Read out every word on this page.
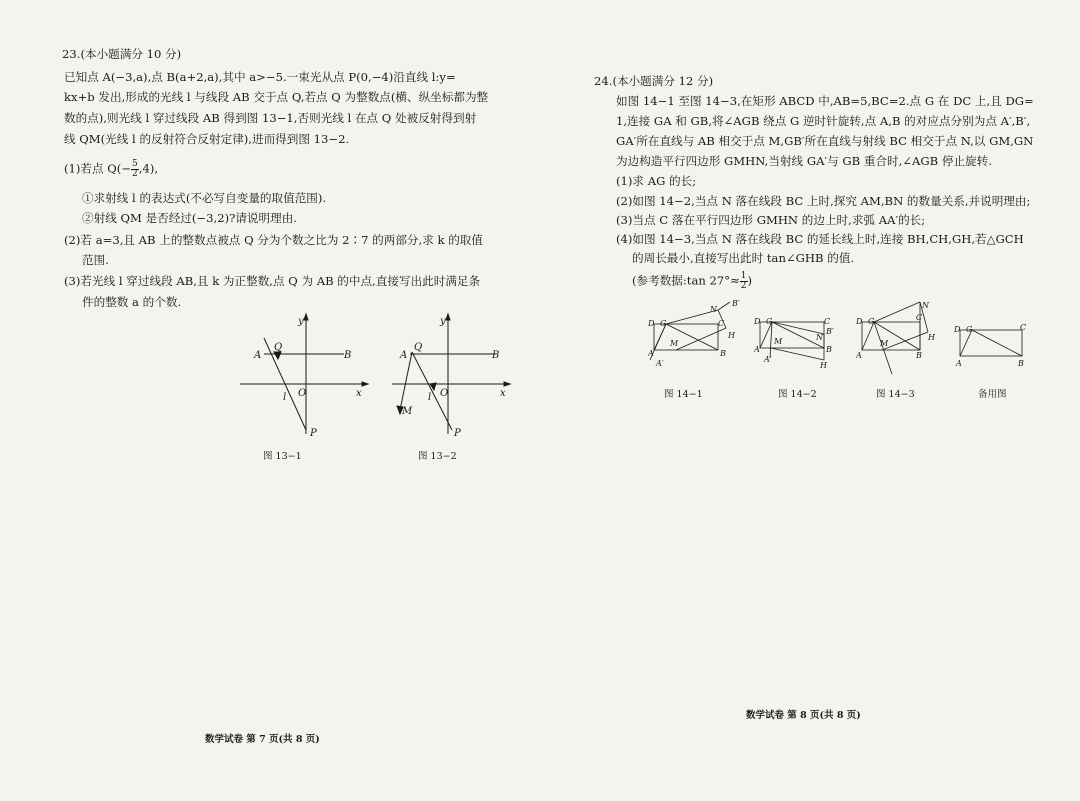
23.(本小题满分 10 分)
已知点 A(−3,a),点 B(a+2,a),其中 a>−5.一束光从点 P(0,−4)沿直线 l:y=
kx+b 发出,形成的光线 l 与线段 AB 交于点 Q,若点 Q 为整数点(横、纵坐标都为整
数的点),则光线 l 穿过线段 AB 得到图 13−1,否则光线 l 在点 Q 处被反射得到射
线 QM(光线 l 的反射符合反射定律),进而得到图 13−2.
(1)若点 $Q(- \frac{5}{2} ,4)$,
①求射线 l 的表达式(不必写自变量的取值范围).
②射线 QM 是否经过(−3,2)?请说明理由.
(2)若 a=3,且 AB 上的整数点被点 Q 分为个数之比为 2∶7 的两部分,求 k 的取值
范围.
(3)若光线 l 穿过线段 AB,且 k 为正整数,点 Q 为 AB 的中点,直接写出此时满足条
件的整数 a 的个数.
y
x
A
Q
B
O
l
P
图 13−1
y
x
A
Q
B
O
l
P
M
图 13−2
数学试卷 第 7 页(共 8 页)
24.(本小题满分 12 分)
如图 14−1 至图 14−3,在矩形 ABCD 中,AB=5,BC=2.点 G 在 DC 上,且 DG=
1,连接 GA 和 GB,将∠AGB 绕点 G 逆时针旋转,点 A,B 的对应点分别为点 A′,B′,
GA′所在直线与 AB 相交于点 M,GB′所在直线与射线 BC 相交于点 N,以 GM,GN
为边构造平行四边形 GMHN,当射线 GA′与 GB 重合时,∠AGB 停止旋转.
(1)求 AG 的长;
(2)如图 14−2,当点 N 落在线段 BC 上时,探究 AM,BN 的数量关系,并说明理由;
(3)当点 C 落在平行四边形 GMHN 的边上时,求弧 AA′的长;
(4)如图 14−3,当点 N 落在线段 BC 的延长线上时,连接 BH,CH,GH,若△GCH
的周长最小,直接写出此时 tan∠GHB 的值.
(参考数据:tan $27^\circ\approx \frac{1}{2}$ )
D G	C
N
B′
H
M
B
A
A′
图 14−1
D G	C
B′
N
B
M
A
A′
H
图 14−2
D G	C
N
H
M
A	B
图 14−3
D G	C
A	B
备用图
数学试卷 第 8 页(共 8 页)
